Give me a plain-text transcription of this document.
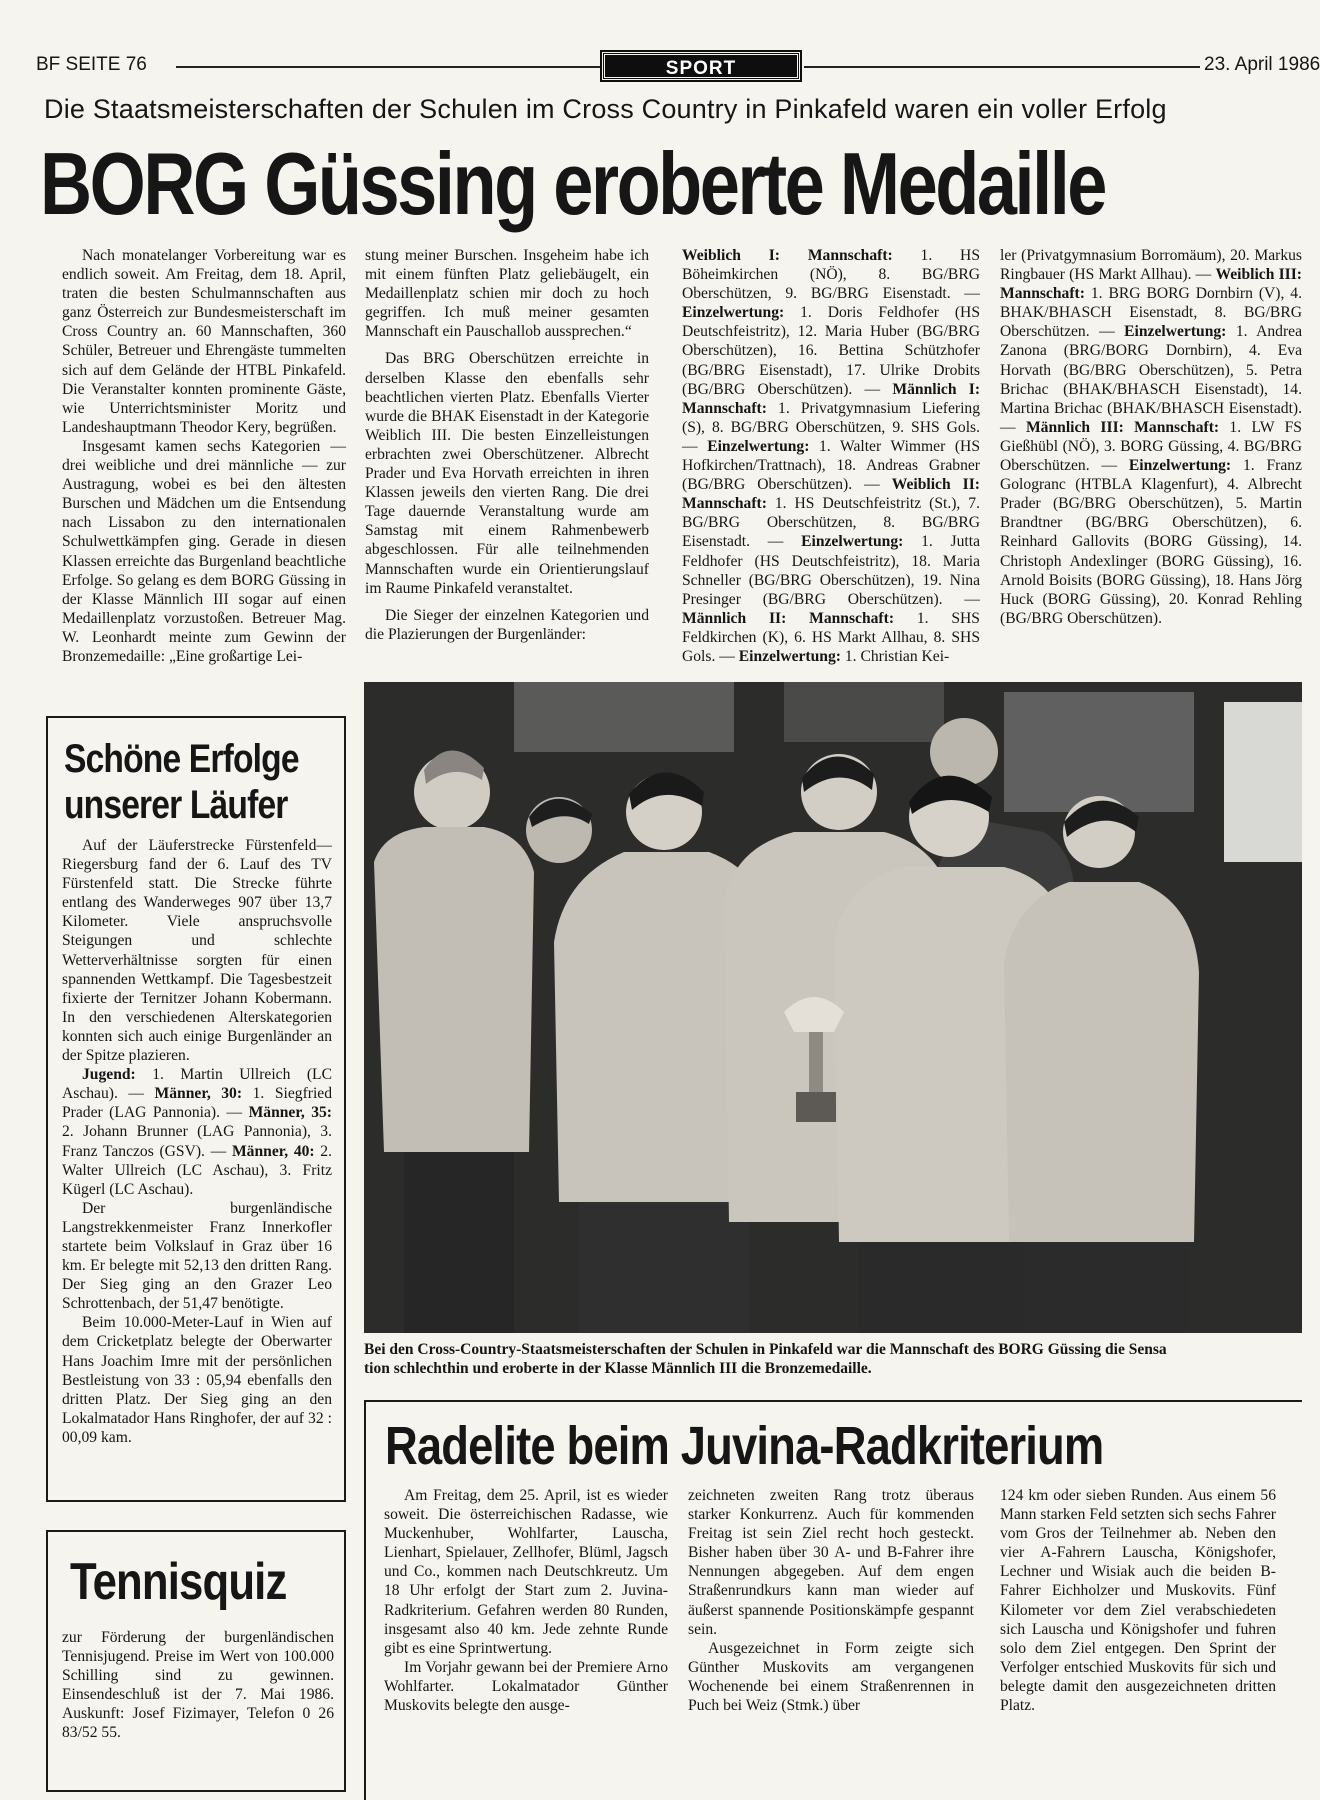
BF SEITE 76	SPORT	23. April 1986
Die Staatsmeisterschaften der Schulen im Cross Country in Pinkafeld waren ein voller Erfolg
BORG Güssing eroberte Medaille

Nach monatelanger Vorbereitung war es endlich soweit. Am Freitag, dem 18. April, traten die besten Schulmannschaften aus ganz Österreich zur Bundesmeisterschaft im Cross Country an. 60 Mannschaften, 360 Schüler, Betreuer und Ehrengäste tummelten sich auf dem Gelände der HTBL Pinkafeld. Die Veranstalter konnten prominente Gäste, wie Unterrichtsminister Moritz und Landeshauptmann Theodor Kery, begrüßen.

Insgesamt kamen sechs Kategorien — drei weibliche und drei männliche — zur Austragung, wobei es bei den ältesten Burschen und Mädchen um die Entsendung nach Lissabon zu den internationalen Schulwettkämpfen ging. Gerade in diesen Klassen erreichte das Burgenland beachtliche Erfolge. So gelang es dem BORG Güssing in der Klasse Männlich III sogar auf einen Medaillenplatz vorzustoßen. Betreuer Mag. W. Leonhardt meinte zum Gewinn der Bronzemedaille: „Eine großartige Lei-

stung meiner Burschen. Insgeheim habe ich mit einem fünften Platz geliebäugelt, ein Medaillenplatz schien mir doch zu hoch gegriffen. Ich muß meiner gesamten Mannschaft ein Pauschallob aussprechen.“

Das BRG Oberschützen erreichte in derselben Klasse den ebenfalls sehr beachtlichen vierten Platz. Ebenfalls Vierter wurde die BHAK Eisenstadt in der Kategorie Weiblich III. Die besten Einzelleistungen erbrachten zwei Oberschützener. Albrecht Prader und Eva Horvath erreichten in ihren Klassen jeweils den vierten Rang. Die drei Tage dauernde Veranstaltung wurde am Samstag mit einem Rahmenbewerb abgeschlossen. Für alle teilnehmenden Mannschaften wurde ein Orientierungslauf im Raume Pinkafeld veranstaltet.

Die Sieger der einzelnen Kategorien und die Plazierungen der Burgenländer:

Weiblich I: Mannschaft: 1. HS Böheimkirchen (NÖ), 8. BG/BRG Oberschützen, 9. BG/BRG Eisenstadt. — Einzelwertung: 1. Doris Feldhofer (HS Deutschfeistritz), 12. Maria Huber (BG/BRG Oberschützen), 16. Bettina Schützhofer (BG/BRG Eisenstadt), 17. Ulrike Drobits (BG/BRG Oberschützen). — Männlich I: Mannschaft: 1. Privatgymnasium Liefering (S), 8. BG/BRG Oberschützen, 9. SHS Gols. — Einzelwertung: 1. Walter Wimmer (HS Hofkirchen/Trattnach), 18. Andreas Grabner (BG/BRG Oberschützen). — Weiblich II: Mannschaft: 1. HS Deutschfeistritz (St.), 7. BG/BRG Oberschützen, 8. BG/BRG Eisenstadt. — Einzelwertung: 1. Jutta Feldhofer (HS Deutschfeistritz), 18. Maria Schneller (BG/BRG Oberschützen), 19. Nina Presinger (BG/BRG Oberschützen). — Männlich II: Mannschaft: 1. SHS Feldkirchen (K), 6. HS Markt Allhau, 8. SHS Gols. — Einzelwertung: 1. Christian Kei-

ler (Privatgymnasium Borromäum), 20. Markus Ringbauer (HS Markt Allhau). — Weiblich III: Mannschaft: 1. BRG BORG Dornbirn (V), 4. BHAK/BHASCH Eisenstadt, 8. BG/BRG Oberschützen. — Einzelwertung: 1. Andrea Zanona (BRG/BORG Dornbirn), 4. Eva Horvath (BG/BRG Oberschützen), 5. Petra Brichac (BHAK/BHASCH Eisenstadt), 14. Martina Brichac (BHAK/BHASCH Eisenstadt). — Männlich III: Mannschaft: 1. LW FS Gießhübl (NÖ), 3. BORG Güssing, 4. BG/BRG Oberschützen. — Einzelwertung: 1. Franz Gologranc (HTBLA Klagenfurt), 4. Albrecht Prader (BG/BRG Oberschützen), 5. Martin Brandtner (BG/BRG Oberschützen), 6. Reinhard Gallovits (BORG Güssing), 14. Christoph Andexlinger (BORG Güssing), 16. Arnold Boisits (BORG Güssing), 18. Hans Jörg Huck (BORG Güssing), 20. Konrad Rehling (BG/BRG Oberschützen).

Schöne Erfolge
unserer Läufer

Auf der Läuferstrecke Fürstenfeld—Riegersburg fand der 6. Lauf des TV Fürstenfeld statt. Die Strecke führte entlang des Wanderweges 907 über 13,7 Kilometer. Viele anspruchsvolle Steigungen und schlechte Wetterverhältnisse sorgten für einen spannenden Wettkampf. Die Tagesbestzeit fixierte der Ternitzer Johann Kobermann. In den verschiedenen Alterskategorien konnten sich auch einige Burgenländer an der Spitze plazieren.

Jugend: 1. Martin Ullreich (LC Aschau). — Männer, 30: 1. Siegfried Prader (LAG Pannonia). — Männer, 35: 2. Johann Brunner (LAG Pannonia), 3. Franz Tanczos (GSV). — Männer, 40: 2. Walter Ullreich (LC Aschau), 3. Fritz Kügerl (LC Aschau).

Der burgenländische Langstrekkenmeister Franz Innerkofler startete beim Volkslauf in Graz über 16 km. Er belegte mit 52,13 den dritten Rang. Der Sieg ging an den Grazer Leo Schrottenbach, der 51,47 benötigte.

Beim 10.000-Meter-Lauf in Wien auf dem Cricketplatz belegte der Oberwarter Hans Joachim Imre mit der persönlichen Bestleistung von 33 : 05,94 ebenfalls den dritten Platz. Der Sieg ging an den Lokalmatador Hans Ringhofer, der auf 32 : 00,09 kam.

Tennisquiz

zur Förderung der burgenländischen Tennisjugend. Preise im Wert von 100.000 Schilling sind zu gewinnen. Einsendeschluß ist der 7. Mai 1986. Auskunft: Josef Fizimayer, Telefon 0 26 83/52 55.

Bei den Cross-Country-Staatsmeisterschaften der Schulen in Pinkafeld war die Mannschaft des BORG Güssing die Sensa
tion schlechthin und eroberte in der Klasse Männlich III die Bronzemedaille.
Radelite beim Juvina-Radkriterium

Am Freitag, dem 25. April, ist es wieder soweit. Die österreichischen Radasse, wie Muckenhuber, Wohlfarter, Lauscha, Lienhart, Spielauer, Zellhofer, Blüml, Jagsch und Co., kommen nach Deutschkreutz. Um 18 Uhr erfolgt der Start zum 2. Juvina-Radkriterium. Gefahren werden 80 Runden, insgesamt also 40 km. Jede zehnte Runde gibt es eine Sprintwertung.

Im Vorjahr gewann bei der Premiere Arno Wohlfarter. Lokalmatador Günther Muskovits belegte den ausge-

zeichneten zweiten Rang trotz überaus starker Konkurrenz. Auch für kommenden Freitag ist sein Ziel recht hoch gesteckt. Bisher haben über 30 A- und B-Fahrer ihre Nennungen abgegeben. Auf dem engen Straßenrundkurs kann man wieder auf äußerst spannende Positionskämpfe gespannt sein.

Ausgezeichnet in Form zeigte sich Günther Muskovits am vergangenen Wochenende bei einem Straßenrennen in Puch bei Weiz (Stmk.) über

124 km oder sieben Runden. Aus einem 56 Mann starken Feld setzten sich sechs Fahrer vom Gros der Teilnehmer ab. Neben den vier A-Fahrern Lauscha, Königshofer, Lechner und Wisiak auch die beiden B-Fahrer Eichholzer und Muskovits. Fünf Kilometer vor dem Ziel verabschiedeten sich Lauscha und Königshofer und fuhren solo dem Ziel entgegen. Den Sprint der Verfolger entschied Muskovits für sich und belegte damit den ausgezeichneten dritten Platz.
